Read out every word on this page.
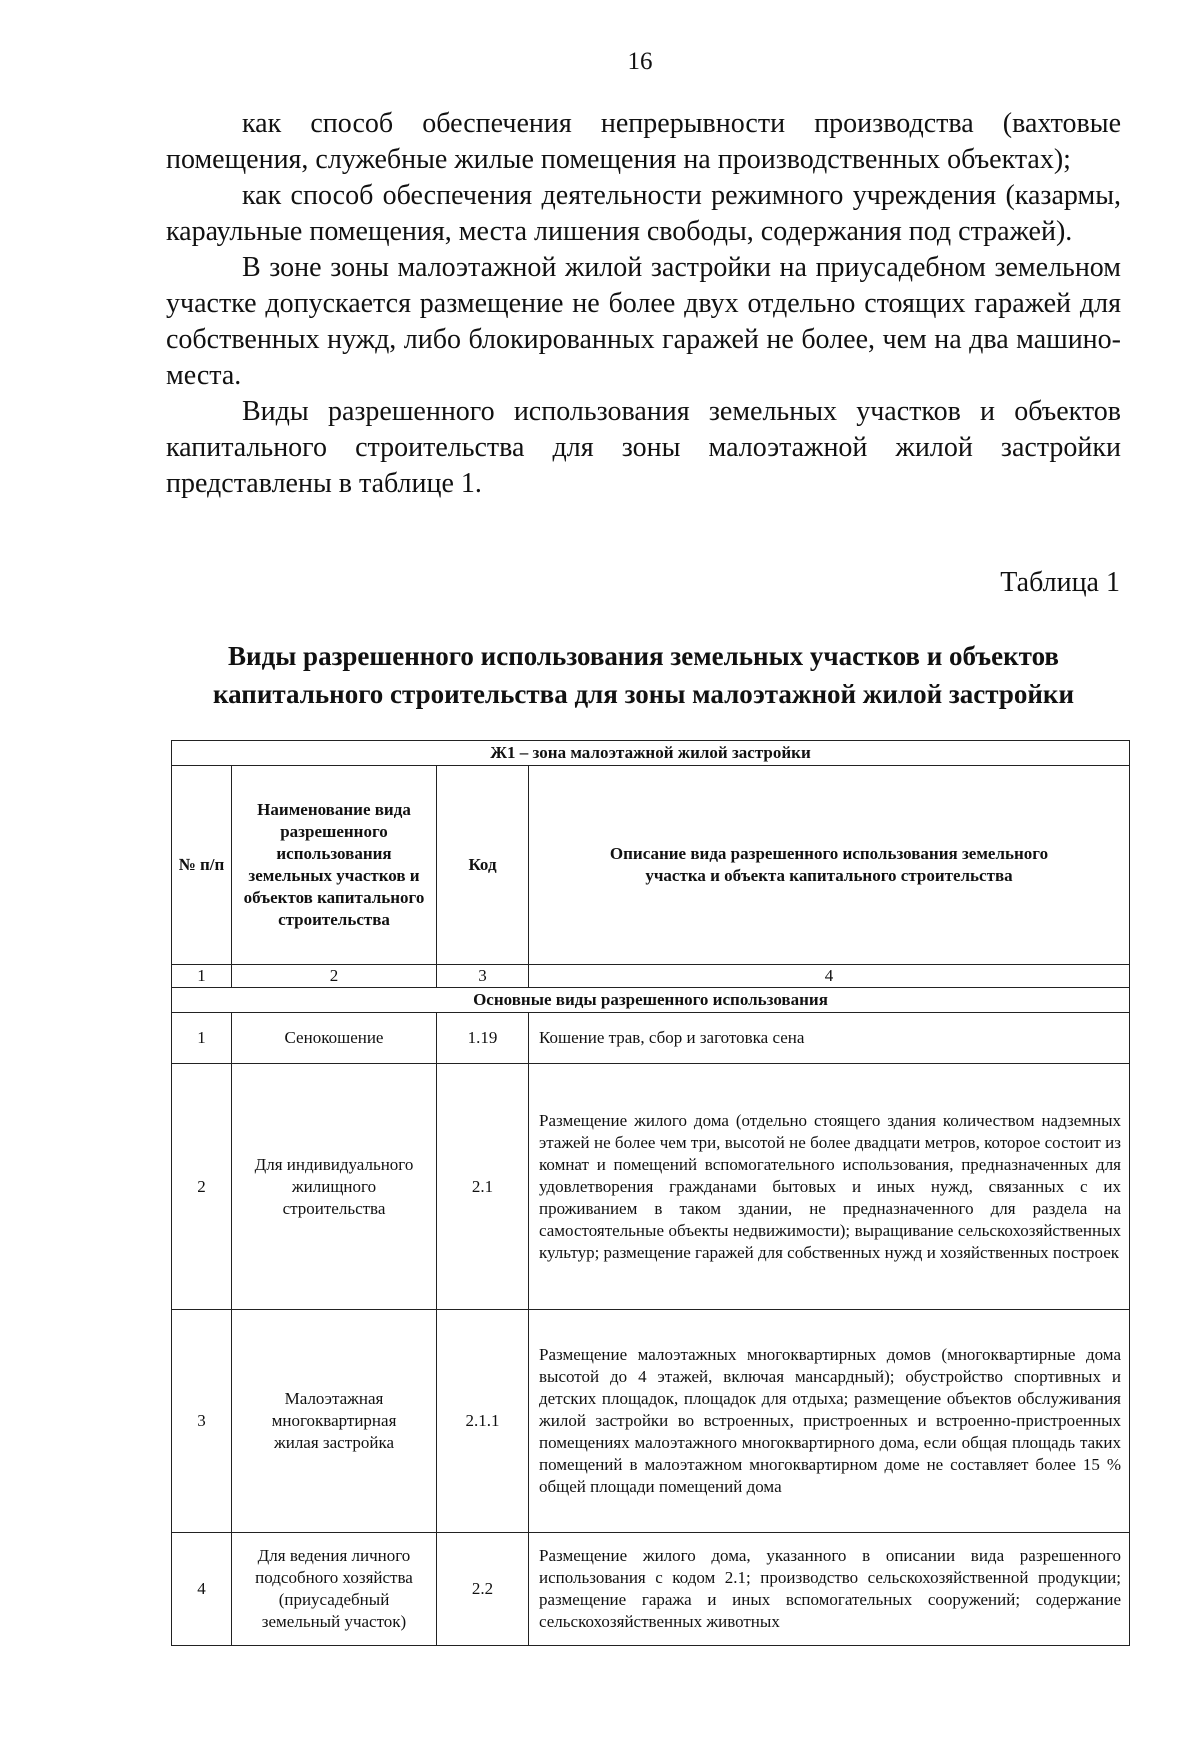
16

как способ обеспечения непрерывности производства (вахтовые помещения, служебные жилые помещения на производственных объектах);

как способ обеспечения деятельности режимного учреждения (казармы, караульные помещения, места лишения свободы, содержания под стражей).

В зоне зоны малоэтажной жилой застройки на приусадебном земельном участке допускается размещение не более двух отдельно стоящих гаражей для собственных нужд, либо блокированных гаражей не более, чем на два машино-места.

Виды разрешенного использования земельных участков и объектов капитального строительства для зоны малоэтажной жилой застройки представлены в таблице 1.

Таблица 1
Виды разрешенного использования земельных участков и объектов
капитального строительства для зоны малоэтажной жилой застройки
Ж1 – зона малоэтажной жилой застройки			
№ п/п	Наименование вида разрешенного использования земельных участков и объектов капитального строительства	Код	Описание вида разрешенного использования земельного участка и объекта капитального строительства
1	2	3	4
Основные виды разрешенного использования			
1	Сенокошение	1.19	Кошение трав, сбор и заготовка сена
2	Для индивидуального жилищного строительства	2.1	Размещение жилого дома (отдельно стоящего здания количеством надземных этажей не более чем три, высотой не более двадцати метров, которое состоит из комнат и помещений вспомогательного использования, предназначенных для удовлетворения гражданами бытовых и иных нужд, связанных с их проживанием в таком здании, не предназначенного для раздела на самостоятельные объекты недвижимости); выращивание сельскохозяйственных культур; размещение гаражей для собственных нужд и хозяйственных построек
3	Малоэтажная многоквартирная жилая застройка	2.1.1	Размещение малоэтажных многоквартирных домов (многоквартирные дома высотой до 4 этажей, включая мансардный); обустройство спортивных и детских площадок, площадок для отдыха; размещение объектов обслуживания жилой застройки во встроенных, пристроенных и встроенно-пристроенных помещениях малоэтажного многоквартирного дома, если общая площадь таких помещений в малоэтажном многоквартирном доме не составляет более 15 % общей площади помещений дома
4	Для ведения личного подсобного хозяйства (приусадебный земельный участок)	2.2	Размещение жилого дома, указанного в описании вида разрешенного использования с кодом 2.1; производство сельскохозяйственной продукции; размещение гаража и иных вспомогательных сооружений; содержание сельскохозяйственных животных
